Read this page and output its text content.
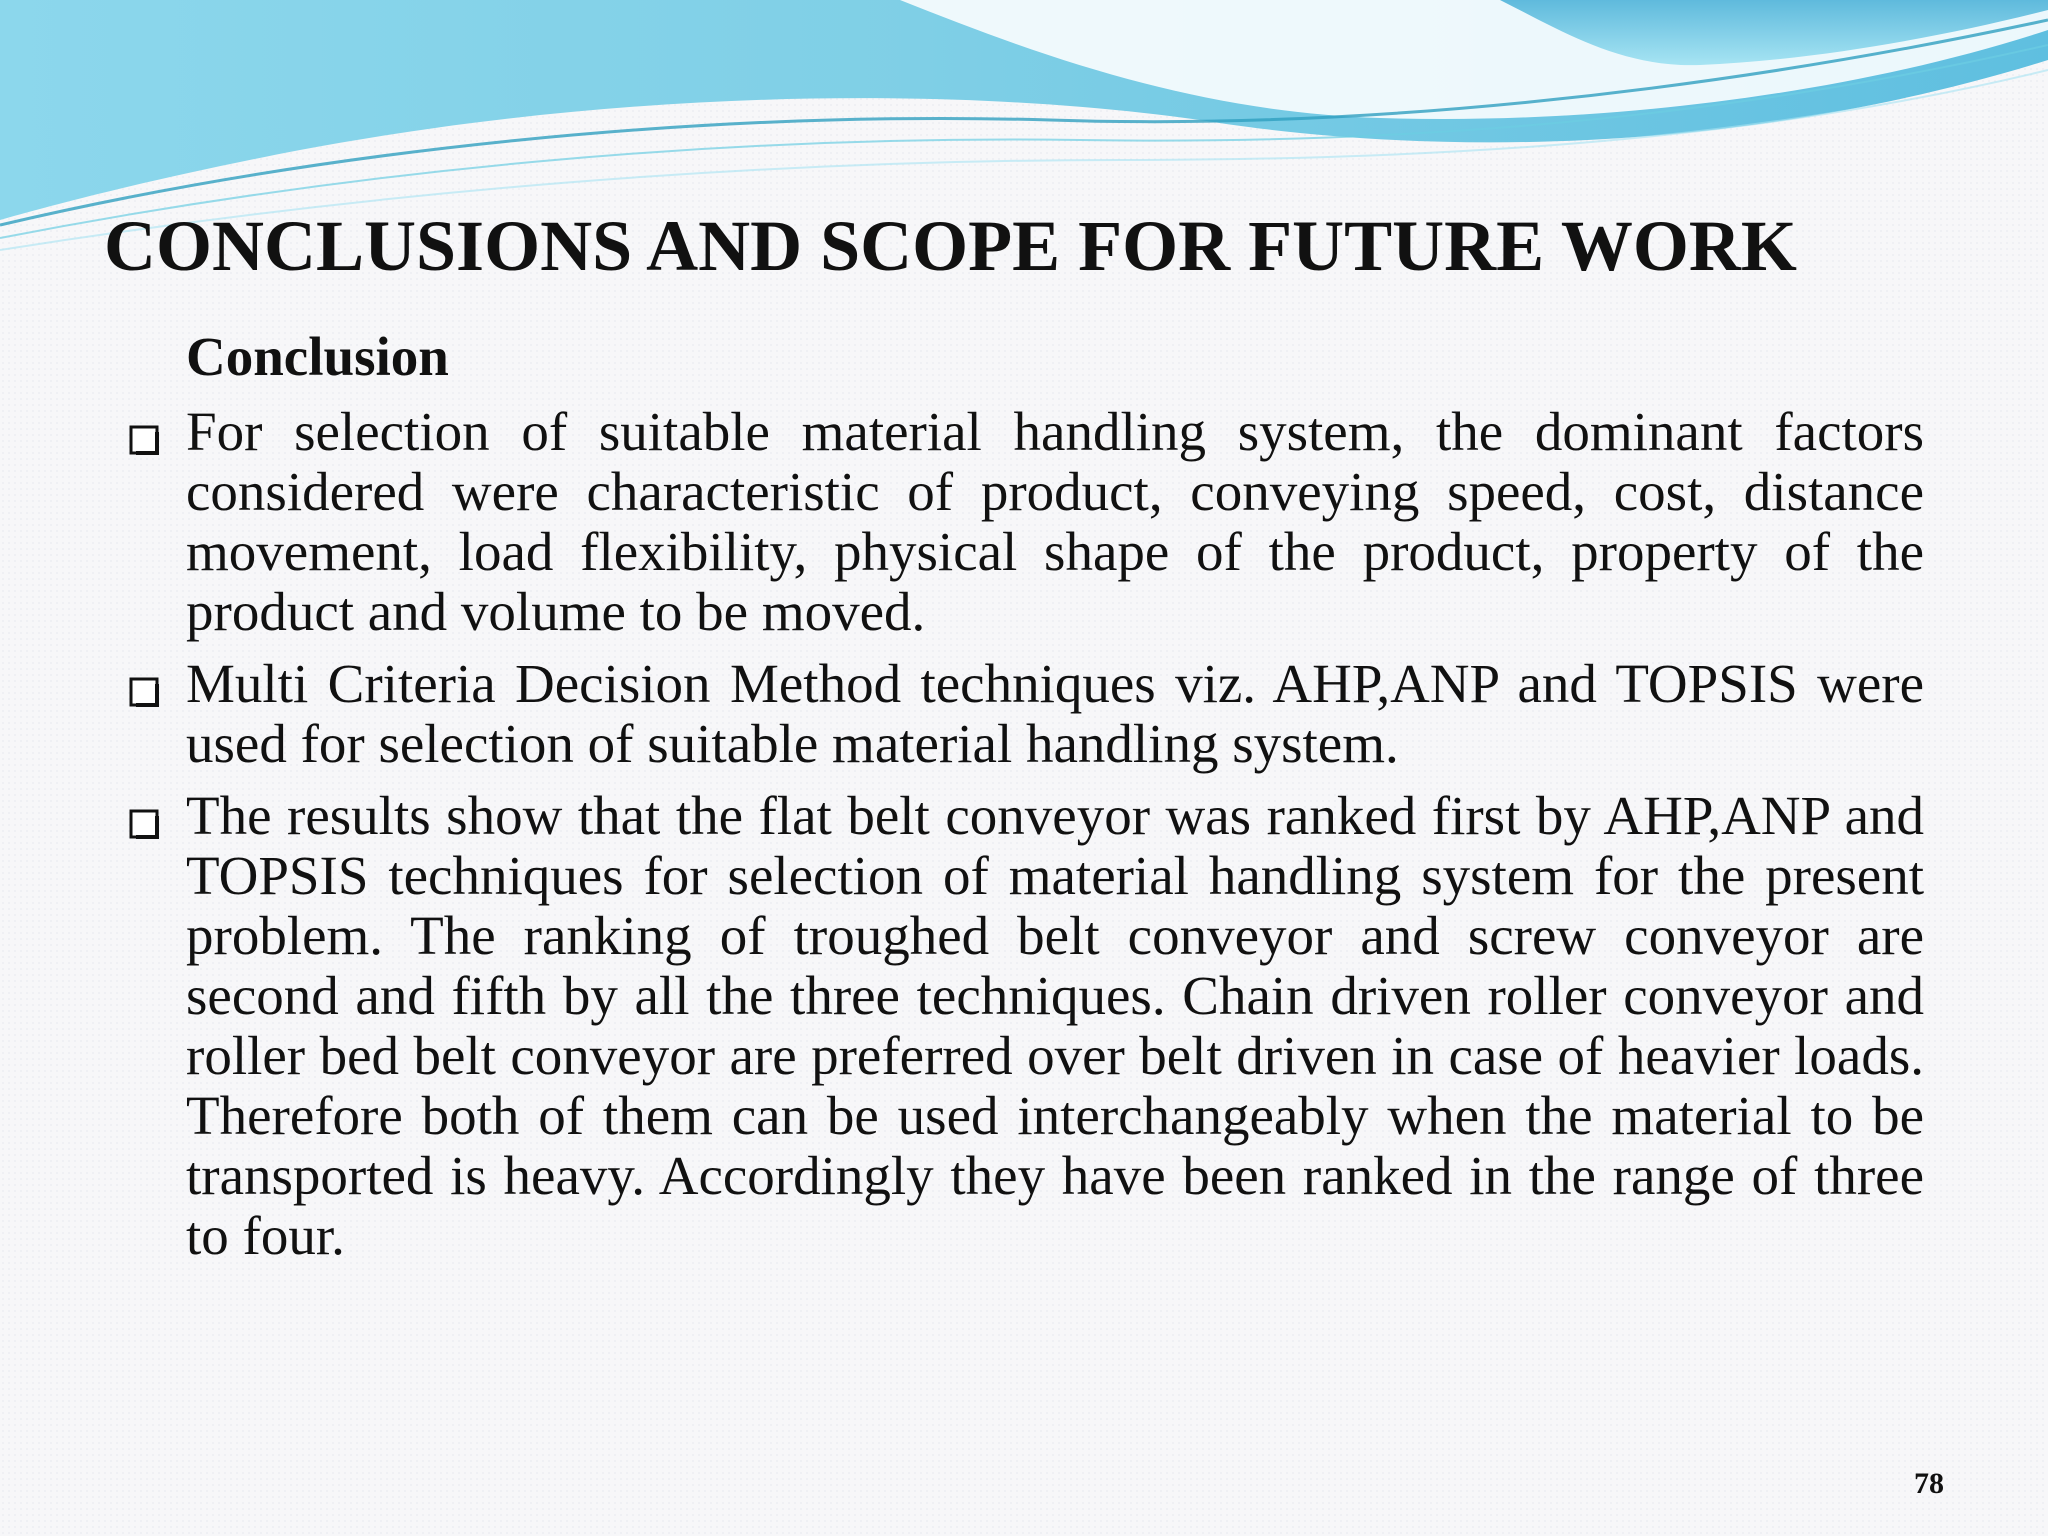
CONCLUSIONS AND SCOPE FOR FUTURE WORK
Conclusion
For selection of suitable material handling system, the dominant factors considered were characteristic of product, conveying speed, cost, distance movement, load flexibility, physical shape of the product, property of the product and volume to be moved.
Multi Criteria Decision Method techniques viz. AHP,ANP and TOPSIS were used for selection of suitable material handling system.
The results show that the flat belt conveyor was ranked first by AHP,ANP and TOPSIS techniques for selection of material handling system for the present problem. The ranking of troughed belt conveyor and screw conveyor are second and fifth by all the three techniques. Chain driven roller conveyor and roller bed belt conveyor are preferred over belt driven in case of heavier loads. Therefore both of them can be used interchangeably when the material to be transported is heavy. Accordingly they have been ranked in the range of three to four.
78
